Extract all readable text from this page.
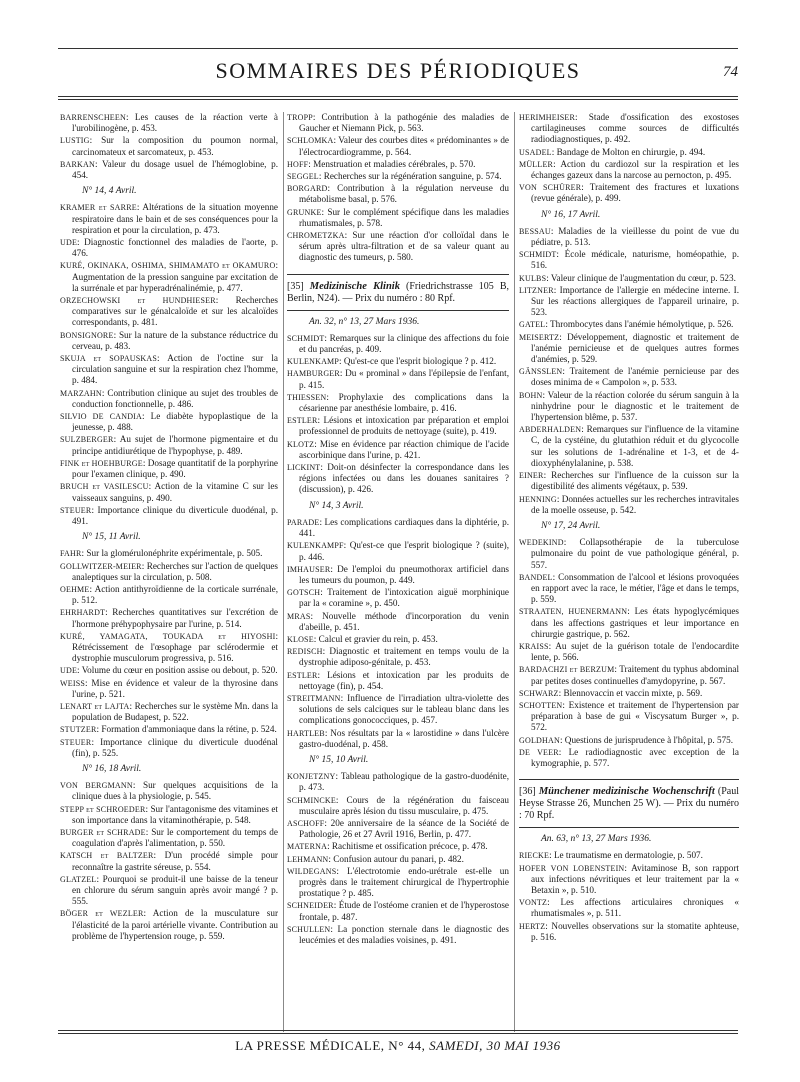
SOMMAIRES DES PÉRIODIQUES	74
BARRENSCHEEN: Les causes de la réaction verte à l'urobilinogène, p. 453.
LUSTIG: Sur la composition du poumon normal, carcinomateux et sarcomateux, p. 453.
BARKAN: Valeur du dosage usuel de l'hémoglobine, p. 454.
N° 14, 4 Avril.
KRAMER et SARRE: Altérations de la situation moyenne respiratoire dans le bain et de ses conséquences pour la respiration et pour la circulation, p. 473.
UDE: Diagnostic fonctionnel des maladies de l'aorte, p. 476.
KURÉ, OKINAKA, OSHIMA, SHIMAMATO et OKAMURO: Augmentation de la pression sanguine par excitation de la surrénale et par hyperadrénalinémie, p. 477.
ORZECHOWSKI et HUNDHIESER: Recherches comparatives sur le génalcaloïde et sur les alcaloïdes correspondants, p. 481.
BONSIGNORE: Sur la nature de la substance réductrice du cerveau, p. 483.
SKUJA et SOPAUSKAS: Action de l'octine sur la circulation sanguine et sur la respiration chez l'homme, p. 484.
MARZAHN: Contribution clinique au sujet des troubles de conduction fonctionnelle, p. 486.
SILVIO DE CANDIA: Le diabète hypoplastique de la jeunesse, p. 488.
SULZBERGER: Au sujet de l'hormone pigmentaire et du principe antidiurétique de l'hypophyse, p. 489.
FINK et HOEHBURGE: Dosage quantitatif de la porphyrine pour l'examen clinique, p. 490.
BRUCH et VASILESCU: Action de la vitamine C sur les vaisseaux sanguins, p. 490.
STEUER: Importance clinique du diverticule duodénal, p. 491.
N° 15, 11 Avril.
FAHR: Sur la glomérulonéphrite expérimentale, p. 505.
GOLLWITZER-MEIER: Recherches sur l'action de quelques analeptiques sur la circulation, p. 508.
OEHME: Action antithyroïdienne de la corticale surrénale, p. 512.
EHRHARDT: Recherches quantitatives sur l'excrétion de l'hormone préhypophysaire par l'urine, p. 514.
KURÉ, YAMAGATA, TOUKADA et HIYOSHI: Rétrécissement de l'œsophage par sclérodermie et dystrophie musculorum progressiva, p. 516.
UDE: Volume du cœur en position assise ou debout, p. 520.
WEISS: Mise en évidence et valeur de la thyrosine dans l'urine, p. 521.
LENART et LAJTA: Recherches sur le système Mn. dans la population de Budapest, p. 522.
STUTZER: Formation d'ammoniaque dans la rétine, p. 524.
STEUER: Importance clinique du diverticule duodénal (fin), p. 525.
N° 16, 18 Avril.
VON BERGMANN: Sur quelques acquisitions de la clinique dues à la physiologie, p. 545.
STEPP et SCHROEDER: Sur l'antagonisme des vitamines et son importance dans la vitaminothérapie, p. 548.
BURGER et SCHRADE: Sur le comportement du temps de coagulation d'après l'alimentation, p. 550.
KATSCH et BALTZER: D'un procédé simple pour reconnaître la gastrite séreuse, p. 554.
GLATZEL: Pourquoi se produit-il une baisse de la teneur en chlorure du sérum sanguin après avoir mangé ? p. 555.
BÖGER et WEZLER: Action de la musculature sur l'élasticité de la paroi artérielle vivante. Contribution au problème de l'hypertension rouge, p. 559.
TROPP: Contribution à la pathogénie des maladies de Gaucher et Niemann Pick, p. 563.
SCHLOMKA: Valeur des courbes dites « prédominantes » de l'électrocardiogramme, p. 564.
HOFF: Menstruation et maladies cérébrales, p. 570.
SEGGEL: Recherches sur la régénération sanguine, p. 574.
BORGARD: Contribution à la régulation nerveuse du métabolisme basal, p. 576.
GRUNKE: Sur le complément spécifique dans les maladies rhumatismales, p. 578.
CHROMETZKA: Sur une réaction d'or colloïdal dans le sérum après ultra-filtration et de sa valeur quant au diagnostic des tumeurs, p. 580.
[35] Medizinische Klinik (Friedrichstrasse 105 B, Berlin, N24). — Prix du numéro : 80 Rpf.
An. 32, n° 13, 27 Mars 1936.
SCHMIDT: Remarques sur la clinique des affections du foie et du pancréas, p. 409.
KULENKAMP: Qu'est-ce que l'esprit biologique ? p. 412.
HAMBURGER: Du « prominal » dans l'épilepsie de l'enfant, p. 415.
THIESSEN: Prophylaxie des complications dans la césarienne par anesthésie lombaire, p. 416.
ESTLER: Lésions et intoxication par préparation et emploi professionnel de produits de nettoyage (suite), p. 419.
KLOTZ: Mise en évidence par réaction chimique de l'acide ascorbinique dans l'urine, p. 421.
LICKINT: Doit-on désinfecter la correspondance dans les régions infectées ou dans les douanes sanitaires ? (discussion), p. 426.
N° 14, 3 Avril.
PARADE: Les complications cardiaques dans la diphtérie, p. 441.
KULENKAMPF: Qu'est-ce que l'esprit biologique ? (suite), p. 446.
IMHAUSER: De l'emploi du pneumothorax artificiel dans les tumeurs du poumon, p. 449.
GOTSCH: Traitement de l'intoxication aiguë morphinique par la « coramine », p. 450.
MRAS: Nouvelle méthode d'incorporation du venin d'abeille, p. 451.
KLOSE: Calcul et gravier du rein, p. 453.
REDISCH: Diagnostic et traitement en temps voulu de la dystrophie adiposo-génitale, p. 453.
ESTLER: Lésions et intoxication par les produits de nettoyage (fin), p. 454.
STREITMANN: Influence de l'irradiation ultra-violette des solutions de sels calciques sur le tableau blanc dans les complications gonococciques, p. 457.
HARTLEB: Nos résultats par la « larostidine » dans l'ulcère gastro-duodénal, p. 458.
N° 15, 10 Avril.
KONJETZNY: Tableau pathologique de la gastro-duodénite, p. 473.
SCHMINCKE: Cours de la régénération du faisceau musculaire après lésion du tissu musculaire, p. 475.
ASCHOFF: 20e anniversaire de la séance de la Société de Pathologie, 26 et 27 Avril 1916, Berlin, p. 477.
MATERNA: Rachitisme et ossification précoce, p. 478.
LEHMANN: Confusion autour du panari, p. 482.
WILDEGANS: L'électrotomie endo-urétrale est-elle un progrès dans le traitement chirurgical de l'hypertrophie prostatique ? p. 485.
SCHNEIDER: Étude de l'ostéome cranien et de l'hyperostose frontale, p. 487.
SCHULLEN: La ponction sternale dans le diagnostic des leucémies et des maladies voisines, p. 491.
HERIMHEISER: Stade d'ossification des exostoses cartilagineuses comme sources de difficultés radiodiagnostiques, p. 492.
USADEL: Bandage de Molton en chirurgie, p. 494.
MÜLLER: Action du cardiozol sur la respiration et les échanges gazeux dans la narcose au pernocton, p. 495.
VON SCHÜRER: Traitement des fractures et luxations (revue générale), p. 499.
N° 16, 17 Avril.
BESSAU: Maladies de la vieillesse du point de vue du pédiatre, p. 513.
SCHMIDT: École médicale, naturisme, homéopathie, p. 516.
KULBS: Valeur clinique de l'augmentation du cœur, p. 523.
LITZNER: Importance de l'allergie en médecine interne. I. Sur les réactions allergiques de l'appareil urinaire, p. 523.
GATEL: Thrombocytes dans l'anémie hémolytique, p. 526.
MEISERTZ: Développement, diagnostic et traitement de l'anémie pernicieuse et de quelques autres formes d'anémies, p. 529.
GÄNSSLEN: Traitement de l'anémie pernicieuse par des doses minima de « Campolon », p. 533.
BOHN: Valeur de la réaction colorée du sérum sanguin à la ninhydrine pour le diagnostic et le traitement de l'hypertension blême, p. 537.
ABDERHALDEN: Remarques sur l'influence de la vitamine C, de la cystéine, du glutathion réduit et du glycocolle sur les solutions de 1-adrénaline et 1-3, et de 4-dioxyphénylalanine, p. 538.
EINER: Recherches sur l'influence de la cuisson sur la digestibilité des aliments végétaux, p. 539.
HENNING: Données actuelles sur les recherches intravitales de la moelle osseuse, p. 542.
N° 17, 24 Avril.
WEDEKIND: Collapsothérapie de la tuberculose pulmonaire du point de vue pathologique général, p. 557.
BANDEL: Consommation de l'alcool et lésions provoquées en rapport avec la race, le métier, l'âge et dans le temps, p. 559.
STRAATEN, HUENERMANN: Les états hypoglycémiques dans les affections gastriques et leur importance en chirurgie gastrique, p. 562.
KRAISS: Au sujet de la guérison totale de l'endocardite lente, p. 566.
BARDACHZI et BERZUM: Traitement du typhus abdominal par petites doses continuelles d'amydopyrine, p. 567.
SCHWARZ: Blennovaccin et vaccin mixte, p. 569.
SCHOTTEN: Existence et traitement de l'hypertension par préparation à base de gui « Viscysatum Burger », p. 572.
GOLDHAN: Questions de jurisprudence à l'hôpital, p. 575.
DE VEER: Le radiodiagnostic avec exception de la kymographie, p. 577.
[36] Münchener medizinische Wochenschrift (Paul Heyse Strasse 26, Munchen 25 W). — Prix du numéro : 70 Rpf.
An. 63, n° 13, 27 Mars 1936.
RIECKE: Le traumatisme en dermatologie, p. 507.
HOFER VON LOBENSTEIN: Avitaminose B, son rapport aux infections névritiques et leur traitement par la « Betaxin », p. 510.
VONTZ: Les affections articulaires chroniques « rhumatismales », p. 511.
HERTZ: Nouvelles observations sur la stomatite aphteuse, p. 516.
LA PRESSE MÉDICALE, N° 44, SAMEDI, 30 MAI 1936
